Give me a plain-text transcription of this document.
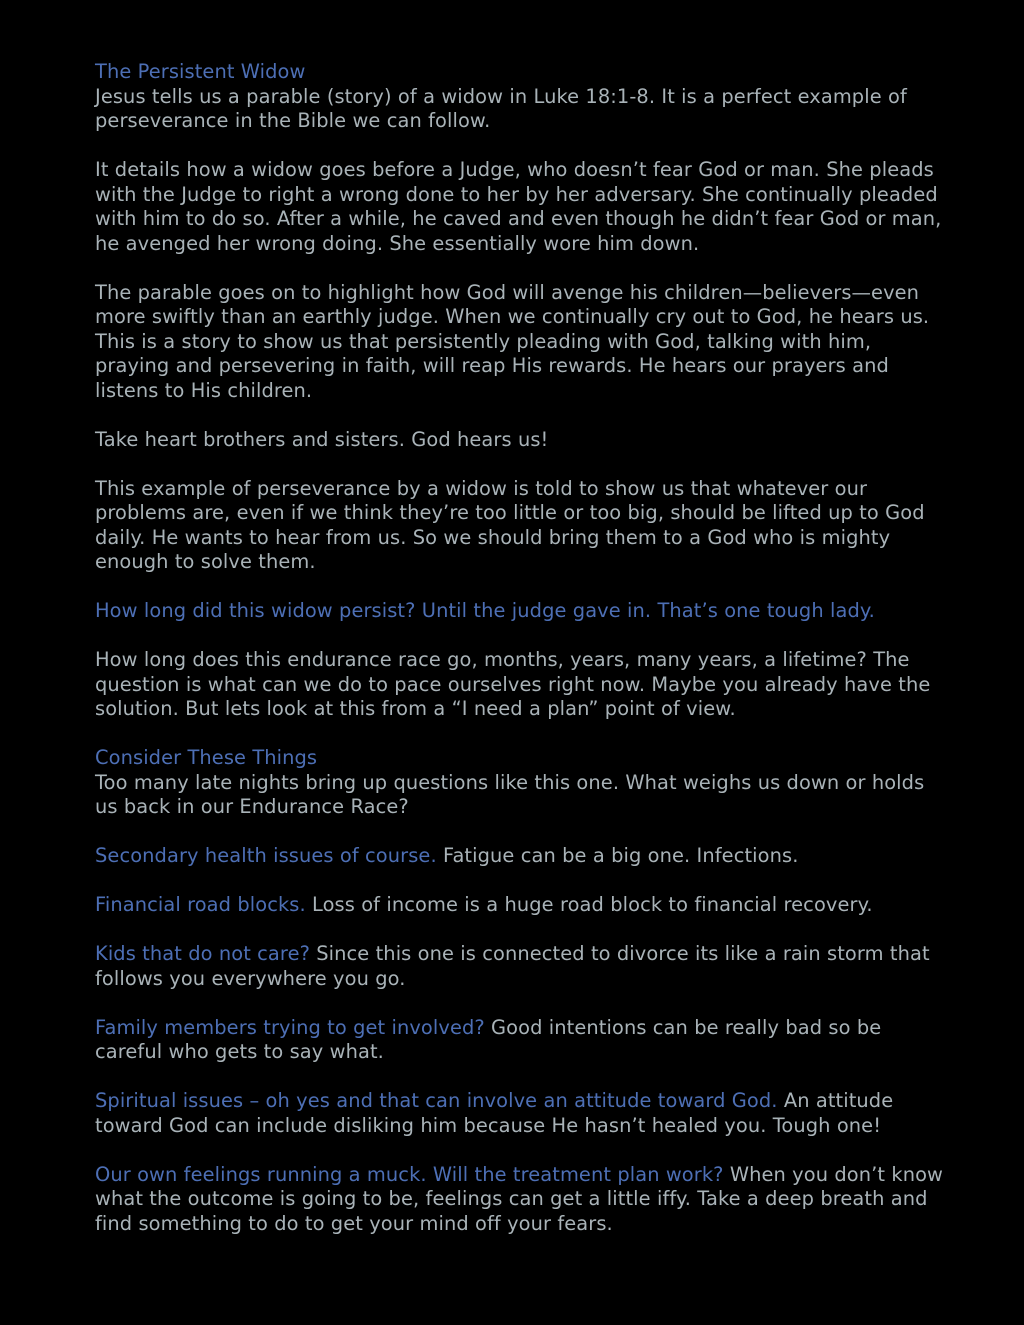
The Persistent Widow
Jesus tells us a parable (story) of a widow in Luke 18:1-8. It is a perfect example of perseverance in the Bible we can follow.

It details how a widow goes before a Judge, who doesn’t fear God or man. She pleads with the Judge to right a wrong done to her by her adversary. She continually pleaded with him to do so. After a while, he caved and even though he didn’t fear God or man, he avenged her wrong doing. She essentially wore him down.

The parable goes on to highlight how God will avenge his children—believers—even more swiftly than an earthly judge. When we continually cry out to God, he hears us. This is a story to show us that persistently pleading with God, talking with him, praying and persevering in faith, will reap His rewards. He hears our prayers and listens to His children.

Take heart brothers and sisters. God hears us!

This example of perseverance by a widow is told to show us that whatever our problems are, even if we think they’re too little or too big, should be lifted up to God daily. He wants to hear from us. So we should bring them to a God who is mighty enough to solve them.

How long did this widow persist? Until the judge gave in. That’s one tough lady.

How long does this endurance race go, months, years, many years, a lifetime? The question is what can we do to pace ourselves right now. Maybe you already have the solution. But lets look at this from a “I need a plan” point of view.

Consider These Things
Too many late nights bring up questions like this one. What weighs us down or holds us back in our Endurance Race?

Secondary health issues of course. Fatigue can be a big one. Infections.

Financial road blocks. Loss of income is a huge road block to financial recovery.

Kids that do not care? Since this one is connected to divorce its like a rain storm that follows you everywhere you go.

Family members trying to get involved? Good intentions can be really bad so be careful who gets to say what.

Spiritual issues – oh yes and that can involve an attitude toward God. An attitude toward God can include disliking him because He hasn’t healed you. Tough one!

Our own feelings running a muck. Will the treatment plan work? When you don’t know what the outcome is going to be, feelings can get a little iffy. Take a deep breath and find something to do to get your mind off your fears.
